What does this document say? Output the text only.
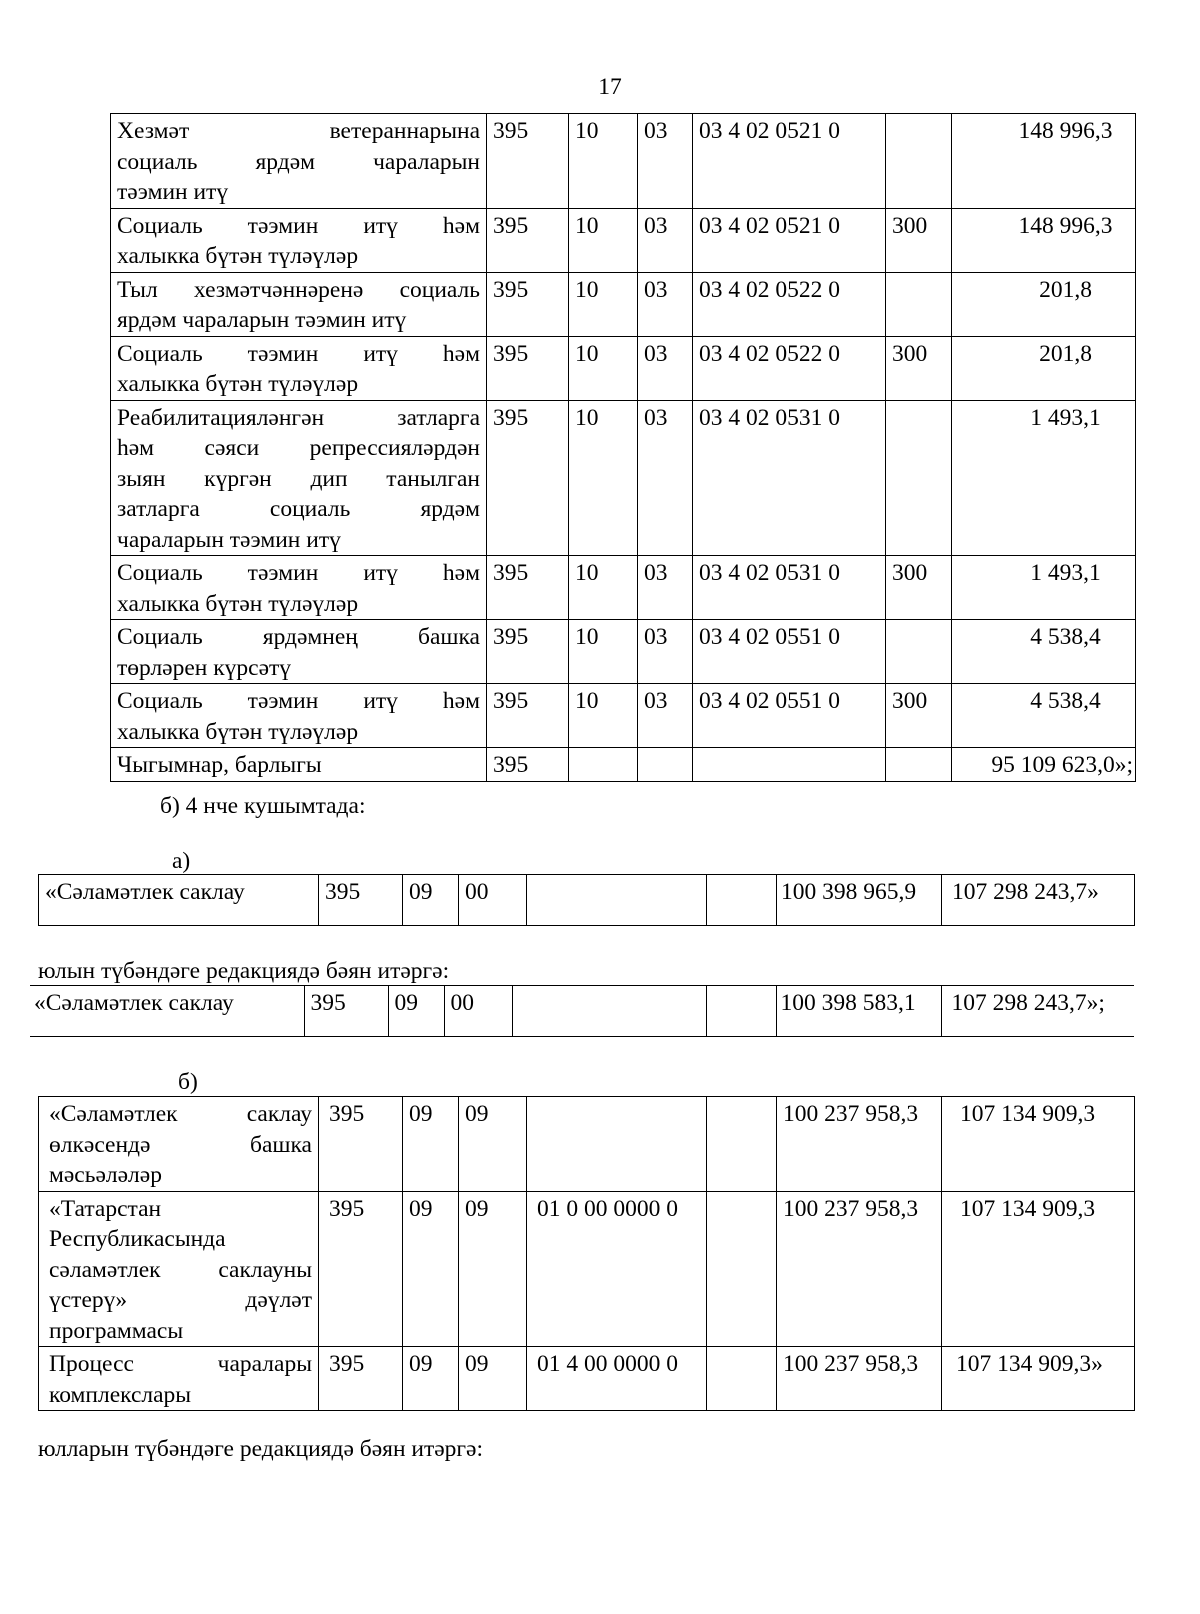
17
Хезмәт ветераннарына
социаль ярдәм чараларын
тәэмин итү	395	10	03	03 4 02 0521 0		148 996,3

Социаль тәэмин итү һәм
халыкка бүтән түләүләр	395	10	03	03 4 02 0521 0	300	148 996,3

Тыл хезмәтчәннәренә социаль
ярдәм чараларын тәэмин итү	395	10	03	03 4 02 0522 0		201,8

Социаль тәэмин итү һәм
халыкка бүтән түләүләр	395	10	03	03 4 02 0522 0	300	201,8

Реабилитацияләнгән затларга
һәм сәяси репрессияләрдән
зыян күргән дип танылган
затларга социаль ярдәм
чараларын тәэмин итү	395	10	03	03 4 02 0531 0		1 493,1

Социаль тәэмин итү һәм
халыкка бүтән түләүләр	395	10	03	03 4 02 0531 0	300	1 493,1

Социаль ярдәмнең башка
төрләрен күрсәтү	395	10	03	03 4 02 0551 0		4 538,4

Социаль тәэмин итү һәм
халыкка бүтән түләүләр	395	10	03	03 4 02 0551 0	300	4 538,4

Чыгымнар, барлыгы	395					95 109 623,0»;
б) 4 нче кушымтада:
а)
«Сәламәтлек саклау	395	09	00			100 398 965,9	107 298 243,7»
юлын түбәндәге редакциядә бәян итәргә:
«Сәламәтлек саклау	395	09	00			100 398 583,1	107 298 243,7»;
б)
«Сәламәтлек саклау
өлкәсендә башка
мәсьәләләр	395	09	09			100 237 958,3	107 134 909,3

«Татарстан
Республикасында
сәламәтлек саклауны
үстерү» дәүләт
программасы	395	09	09	01 0 00 0000 0		100 237 958,3	107 134 909,3

Процесс чаралары
комплекслары	395	09	09	01 4 00 0000 0		100 237 958,3	107 134 909,3»
юлларын түбәндәге редакциядә бәян итәргә:
